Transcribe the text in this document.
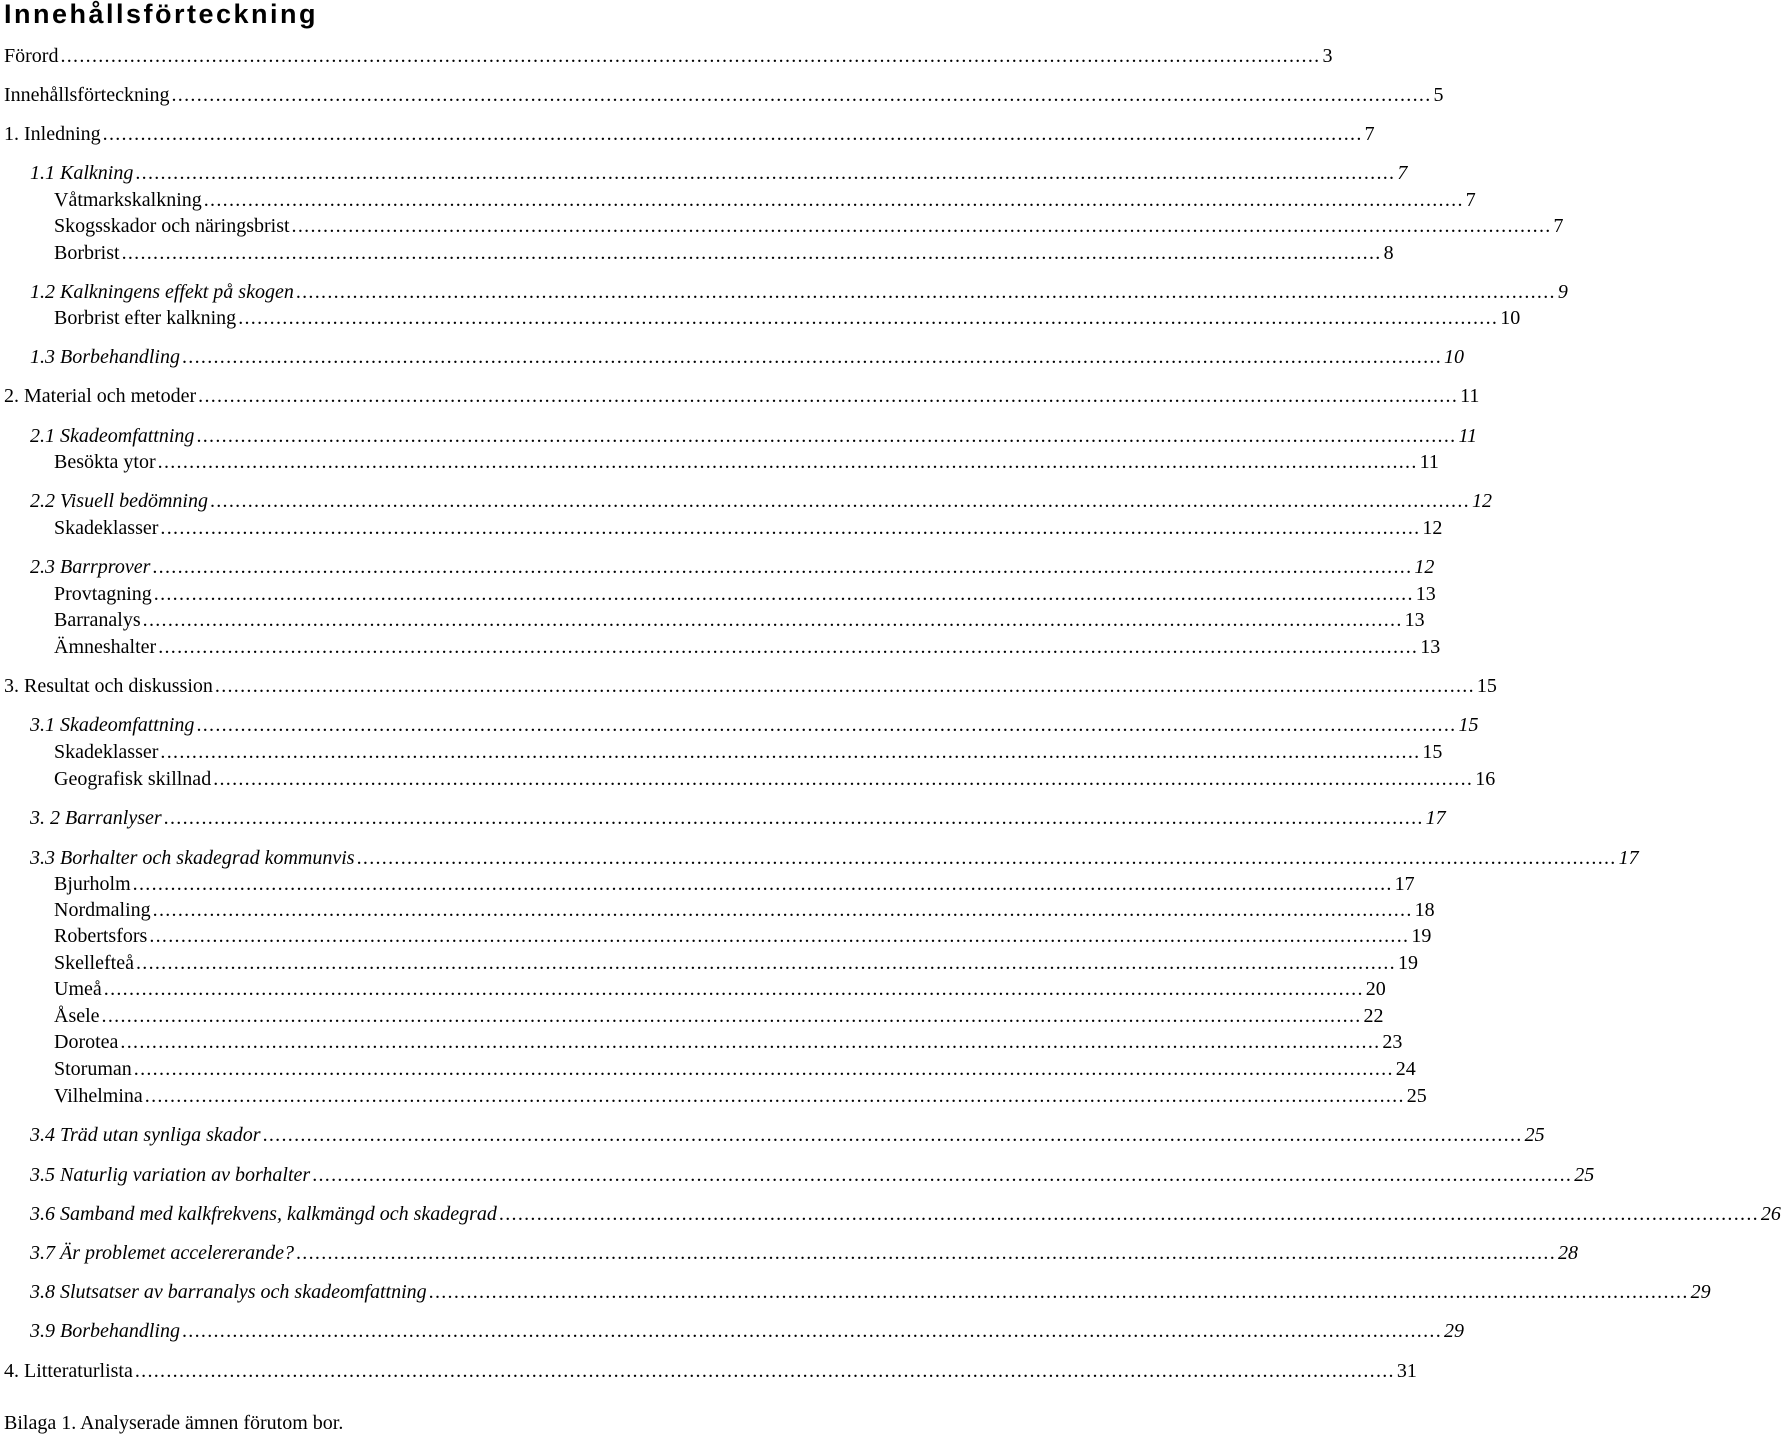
Innehållsförteckning
Förord ........................................................................................................................................................................................................ 3
Innehållsförteckning ........................................................................................................................................................................................................ 5
1. Inledning ........................................................................................................................................................................................................ 7
1.1 Kalkning ........................................................................................................................................................................................................ 7
Våtmarkskalkning ........................................................................................................................................................................................................ 7
Skogsskador och näringsbrist ........................................................................................................................................................................................................ 7
Borbrist ........................................................................................................................................................................................................ 8
1.2 Kalkningens effekt på skogen ........................................................................................................................................................................................................ 9
Borbrist efter kalkning ........................................................................................................................................................................................................ 10
1.3 Borbehandling ........................................................................................................................................................................................................ 10
2. Material och metoder ........................................................................................................................................................................................................ 11
2.1 Skadeomfattning ........................................................................................................................................................................................................ 11
Besökta ytor ........................................................................................................................................................................................................ 11
2.2 Visuell bedömning ........................................................................................................................................................................................................ 12
Skadeklasser ........................................................................................................................................................................................................ 12
2.3 Barrprover ........................................................................................................................................................................................................ 12
Provtagning ........................................................................................................................................................................................................ 13
Barranalys ........................................................................................................................................................................................................ 13
Ämneshalter ........................................................................................................................................................................................................ 13
3. Resultat och diskussion ........................................................................................................................................................................................................ 15
3.1 Skadeomfattning ........................................................................................................................................................................................................ 15
Skadeklasser ........................................................................................................................................................................................................ 15
Geografisk skillnad ........................................................................................................................................................................................................ 16
3. 2 Barranlyser ........................................................................................................................................................................................................ 17
3.3 Borhalter och skadegrad kommunvis ........................................................................................................................................................................................................ 17
Bjurholm ........................................................................................................................................................................................................ 17
Nordmaling ........................................................................................................................................................................................................ 18
Robertsfors ........................................................................................................................................................................................................ 19
Skellefteå ........................................................................................................................................................................................................ 19
Umeå ........................................................................................................................................................................................................ 20
Åsele ........................................................................................................................................................................................................ 22
Dorotea ........................................................................................................................................................................................................ 23
Storuman ........................................................................................................................................................................................................ 24
Vilhelmina ........................................................................................................................................................................................................ 25
3.4 Träd utan synliga skador ........................................................................................................................................................................................................ 25
3.5 Naturlig variation av borhalter ........................................................................................................................................................................................................ 25
3.6 Samband med kalkfrekvens, kalkmängd och skadegrad ........................................................................................................................................................................................................ 26
3.7 Är problemet accelererande? ........................................................................................................................................................................................................ 28
3.8 Slutsatser av barranalys och skadeomfattning ........................................................................................................................................................................................................ 29
3.9 Borbehandling ........................................................................................................................................................................................................ 29
4. Litteraturlista ........................................................................................................................................................................................................ 31
Bilaga 1. Analyserade ämnen förutom bor.
